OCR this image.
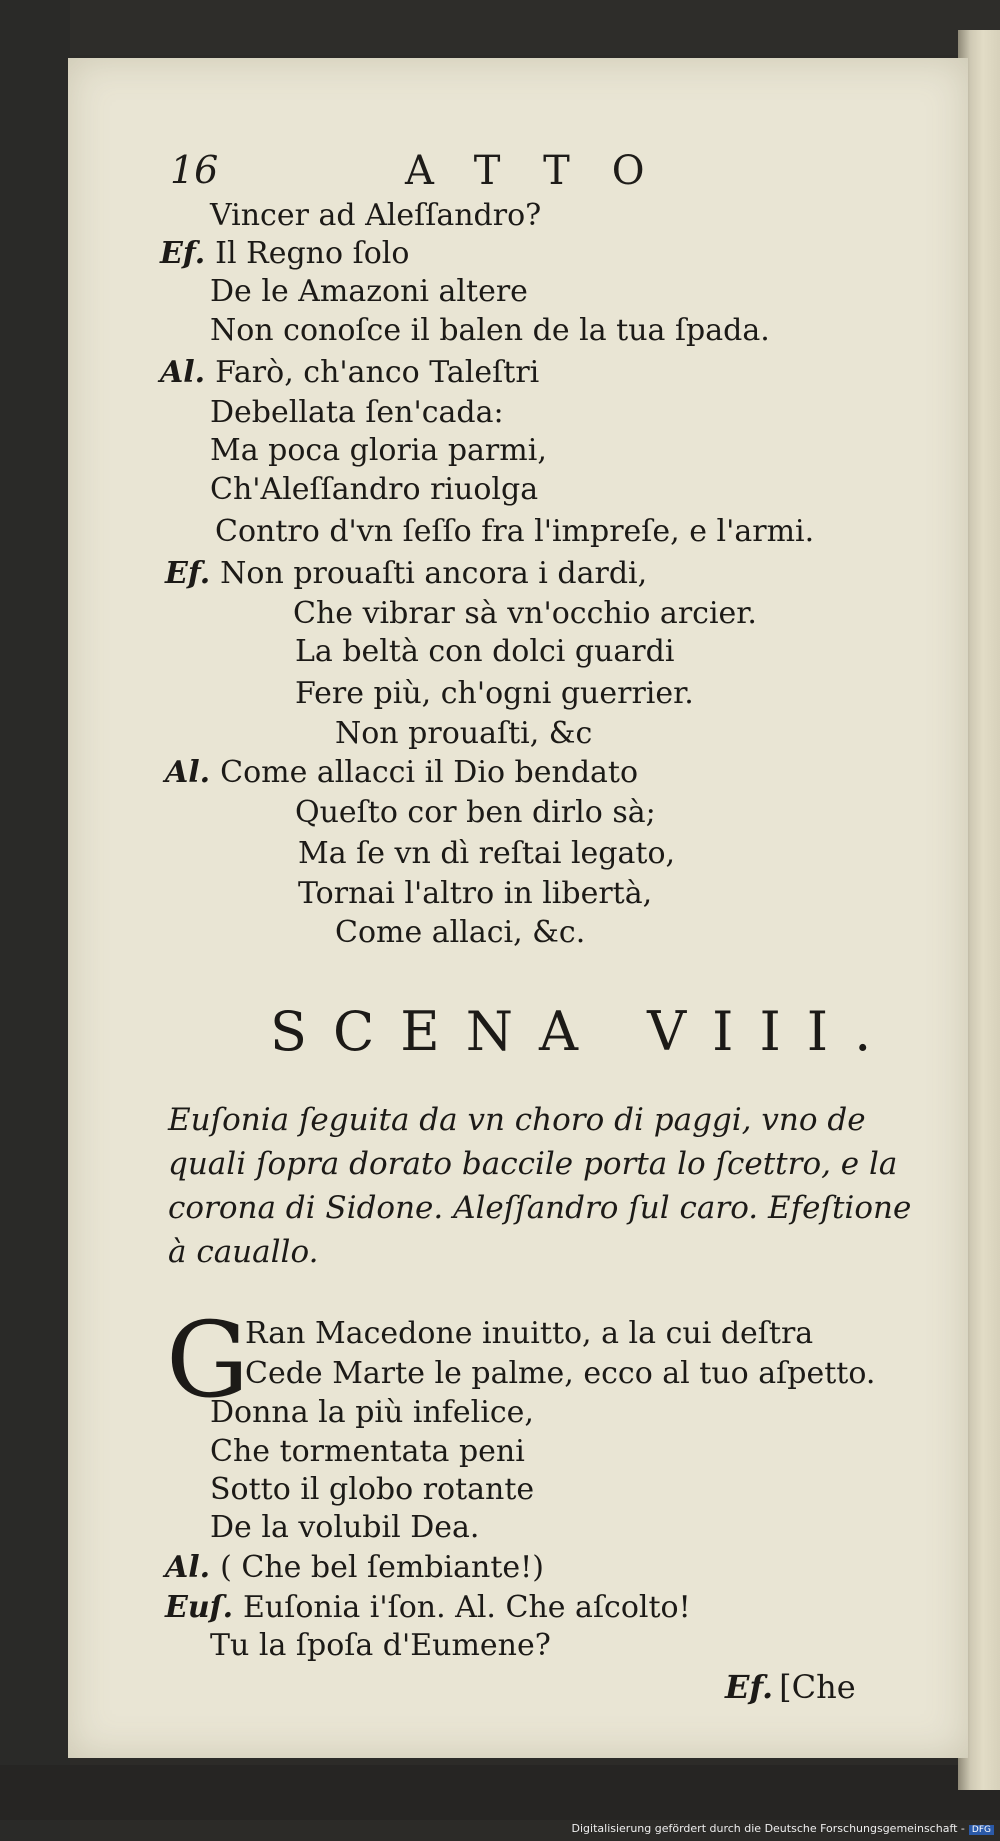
16	ATTO
Vincer ad Aleſſandro?
Ef. Il Regno ſolo
De le Amazoni altere
Non conoſce il balen de la tua ſpada.
Al. Farò, ch'anco Taleſtri
Debellata ſen'cada:
Ma poca gloria parmi,
Ch'Aleſſandro riuolga
Contro d'vn ſeſſo fra l'impreſe, e l'armi.
Ef. Non prouaſti ancora i dardi,
Che vibrar sà vn'occhio arcier.
La beltà con dolci guardi
Fere più, ch'ogni guerrier.
Non prouaſti, &c
Al. Come allacci il Dio bendato
Queſto cor ben dirlo sà;
Ma ſe vn dì reſtai legato,
Tornai l'altro in libertà,
Come allaci, &c.
SCENA VIII.
Euſonia ſeguita da vn choro di paggi, vno de quali ſopra dorato baccile porta lo ſcettro, e la corona di Sidone. Aleſſandro ſul caro. Efeſtione à cauallo.
G
Ran Macedone inuitto, a la cui deſtra
Cede Marte le palme, ecco al tuo aſpetto.
Donna la più infelice,
Che tormentata peni
Sotto il globo rotante
De la volubil Dea.
Al. ( Che bel ſembiante!)
Euſ. Euſonia i'ſon. Al. Che aſcolto!
Tu la ſpoſa d'Eumene?
Ef. [Che
Digitalisierung gefördert durch die Deutsche Forschungsgemeinschaft - DFG
